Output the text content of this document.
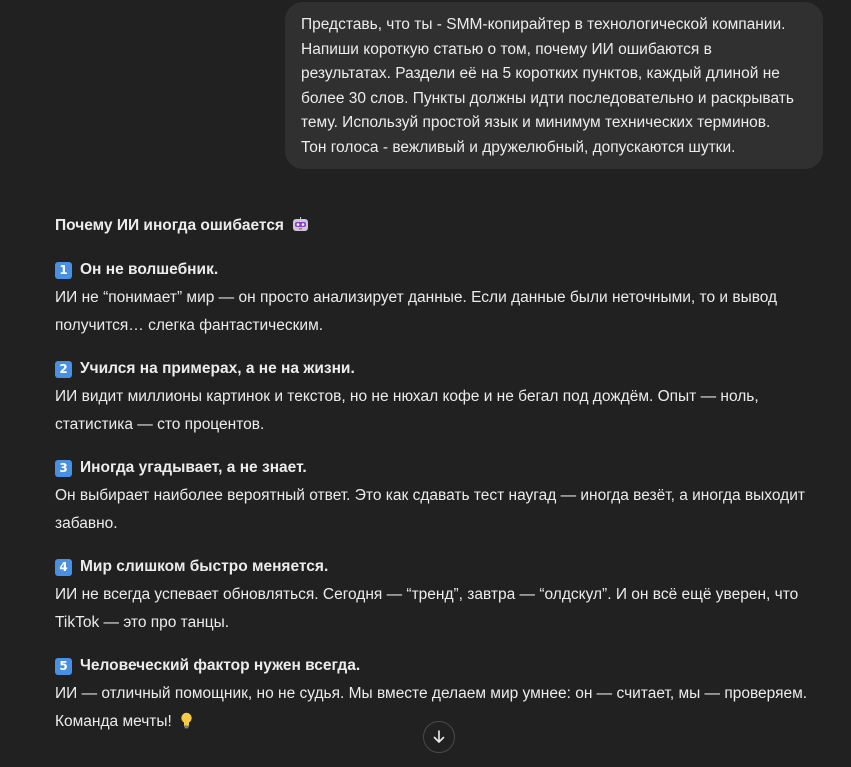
Представь, что ты - SMM-копирайтер в технологической компании.

Напиши короткую статью о том, почему ИИ ошибаются в

результатах. Раздели её на 5 коротких пунктов, каждый длиной не

более 30 слов. Пункты должны идти последовательно и раскрывать

тему. Используй простой язык и минимум технических терминов.

Тон голоса - вежливый и дружелюбный, допускаются шутки.

Почему ИИ иногда ошибается
1 Он не волшебник.
ИИ не “понимает” мир — он просто анализирует данные. Если данные были неточными, то и вывод получится… слегка фантастическим.
2 Учился на примерах, а не на жизни.
ИИ видит миллионы картинок и текстов, но не нюхал кофе и не бегал под дождём. Опыт — ноль, статистика — сто процентов.
3 Иногда угадывает, а не знает.
Он выбирает наиболее вероятный ответ. Это как сдавать тест наугад — иногда везёт, а иногда выходит забавно.
4 Мир слишком быстро меняется.
ИИ не всегда успевает обновляться. Сегодня — “тренд”, завтра — “олдскул”. И он всё ещё уверен, что TikTok — это про танцы.
5 Человеческий фактор нужен всегда.
ИИ — отличный помощник, но не судья. Мы вместе делаем мир умнее: он — считает, мы — проверяем. Команда мечты!
